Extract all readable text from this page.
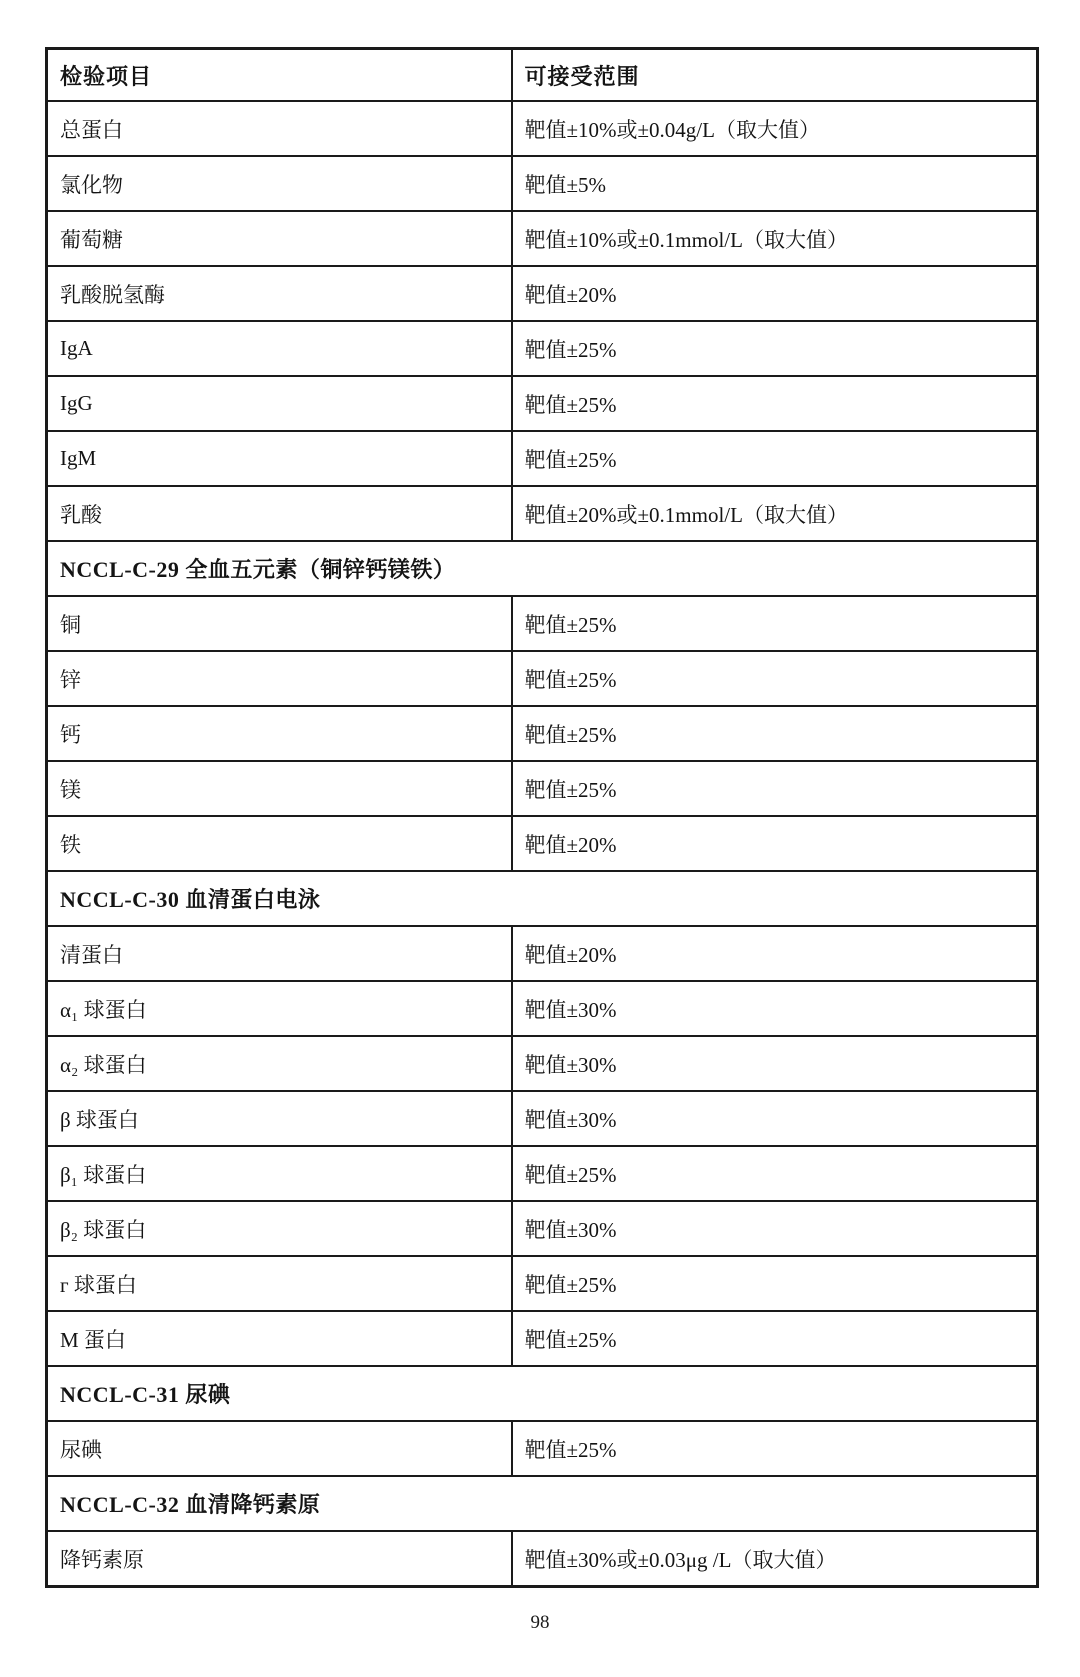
检验项目	可接受范围
总蛋白	靶值±10%或±0.04g/L（取大值）
氯化物	靶值±5%
葡萄糖	靶值±10%或±0.1mmol/L（取大值）
乳酸脱氢酶	靶值±20%
IgA	靶值±25%
IgG	靶值±25%
IgM	靶值±25%
乳酸	靶值±20%或±0.1mmol/L（取大值）
NCCL-C-29 全血五元素（铜锌钙镁铁）	
铜	靶值±25%
锌	靶值±25%
钙	靶值±25%
镁	靶值±25%
铁	靶值±20%
NCCL-C-30 血清蛋白电泳	
清蛋白	靶值±20%
α₁ 球蛋白	靶值±30%
α₂ 球蛋白	靶值±30%
β 球蛋白	靶值±30%
β₁ 球蛋白	靶值±25%
β₂ 球蛋白	靶值±30%
г 球蛋白	靶值±25%
M 蛋白	靶值±25%
NCCL-C-31 尿碘	
尿碘	靶值±25%
NCCL-C-32 血清降钙素原	
降钙素原	靶值±30%或±0.03μg /L（取大值）
98
